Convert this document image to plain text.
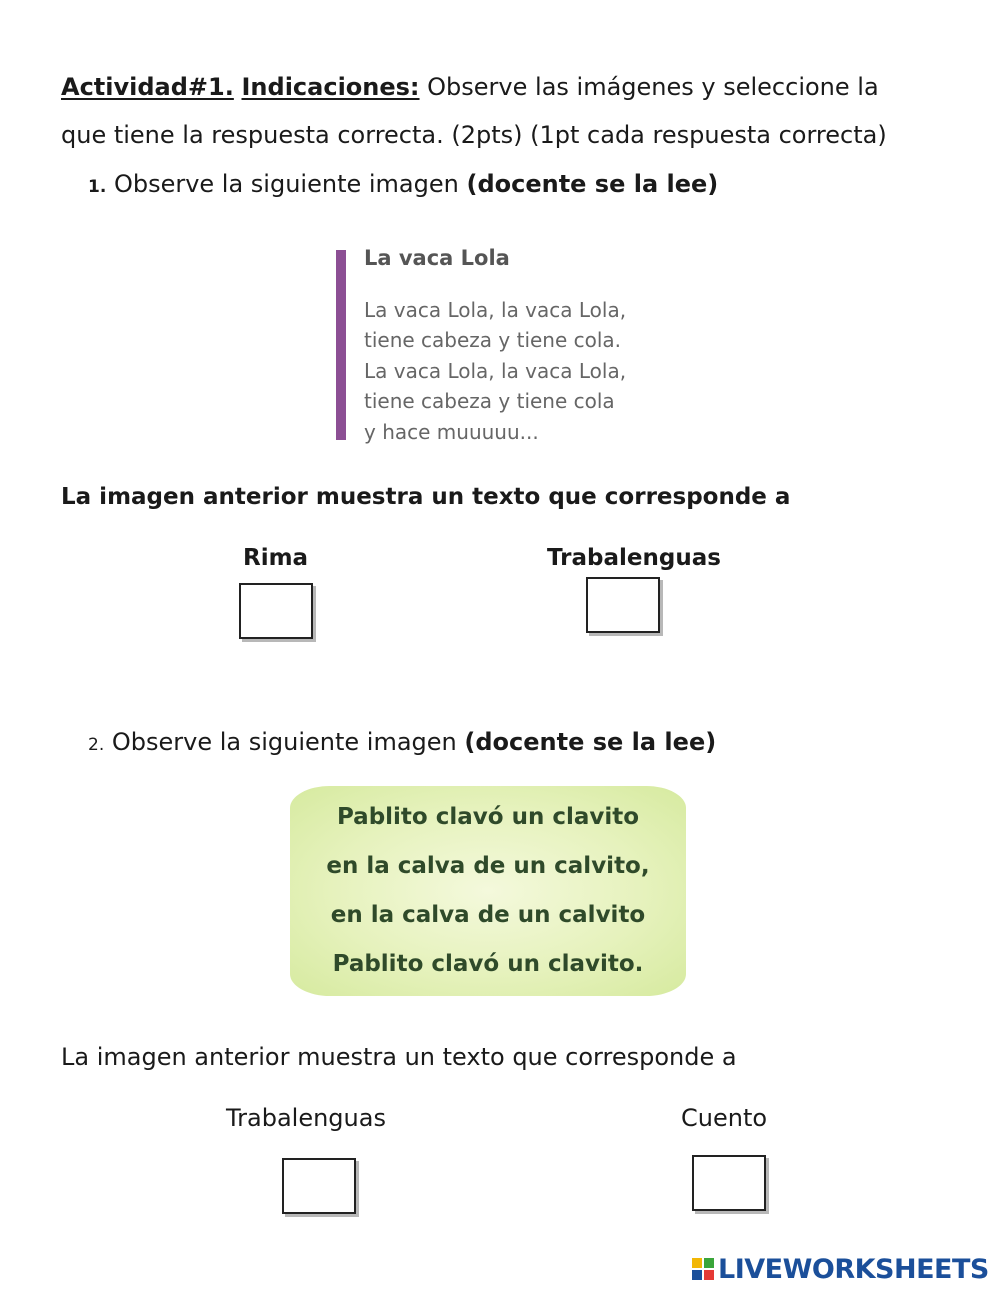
Actividad#1. Indicaciones: Observe las imágenes y seleccione la
que tiene la respuesta correcta. (2pts) (1pt cada respuesta correcta)
1. Observe la siguiente imagen (docente se la lee)
La vaca Lola
La vaca Lola, la vaca Lola,
tiene cabeza y tiene cola.
La vaca Lola, la vaca Lola,
tiene cabeza y tiene cola
y hace muuuuu...
La imagen anterior muestra un texto que corresponde a
Rima	Trabalenguas
2. Observe la siguiente imagen (docente se la lee)
Pablito clavó un clavito
en la calva de un calvito,
en la calva de un calvito
Pablito clavó un clavito.
La imagen anterior muestra un texto que corresponde a
Trabalenguas	Cuento
LIVEWORKSHEETS
